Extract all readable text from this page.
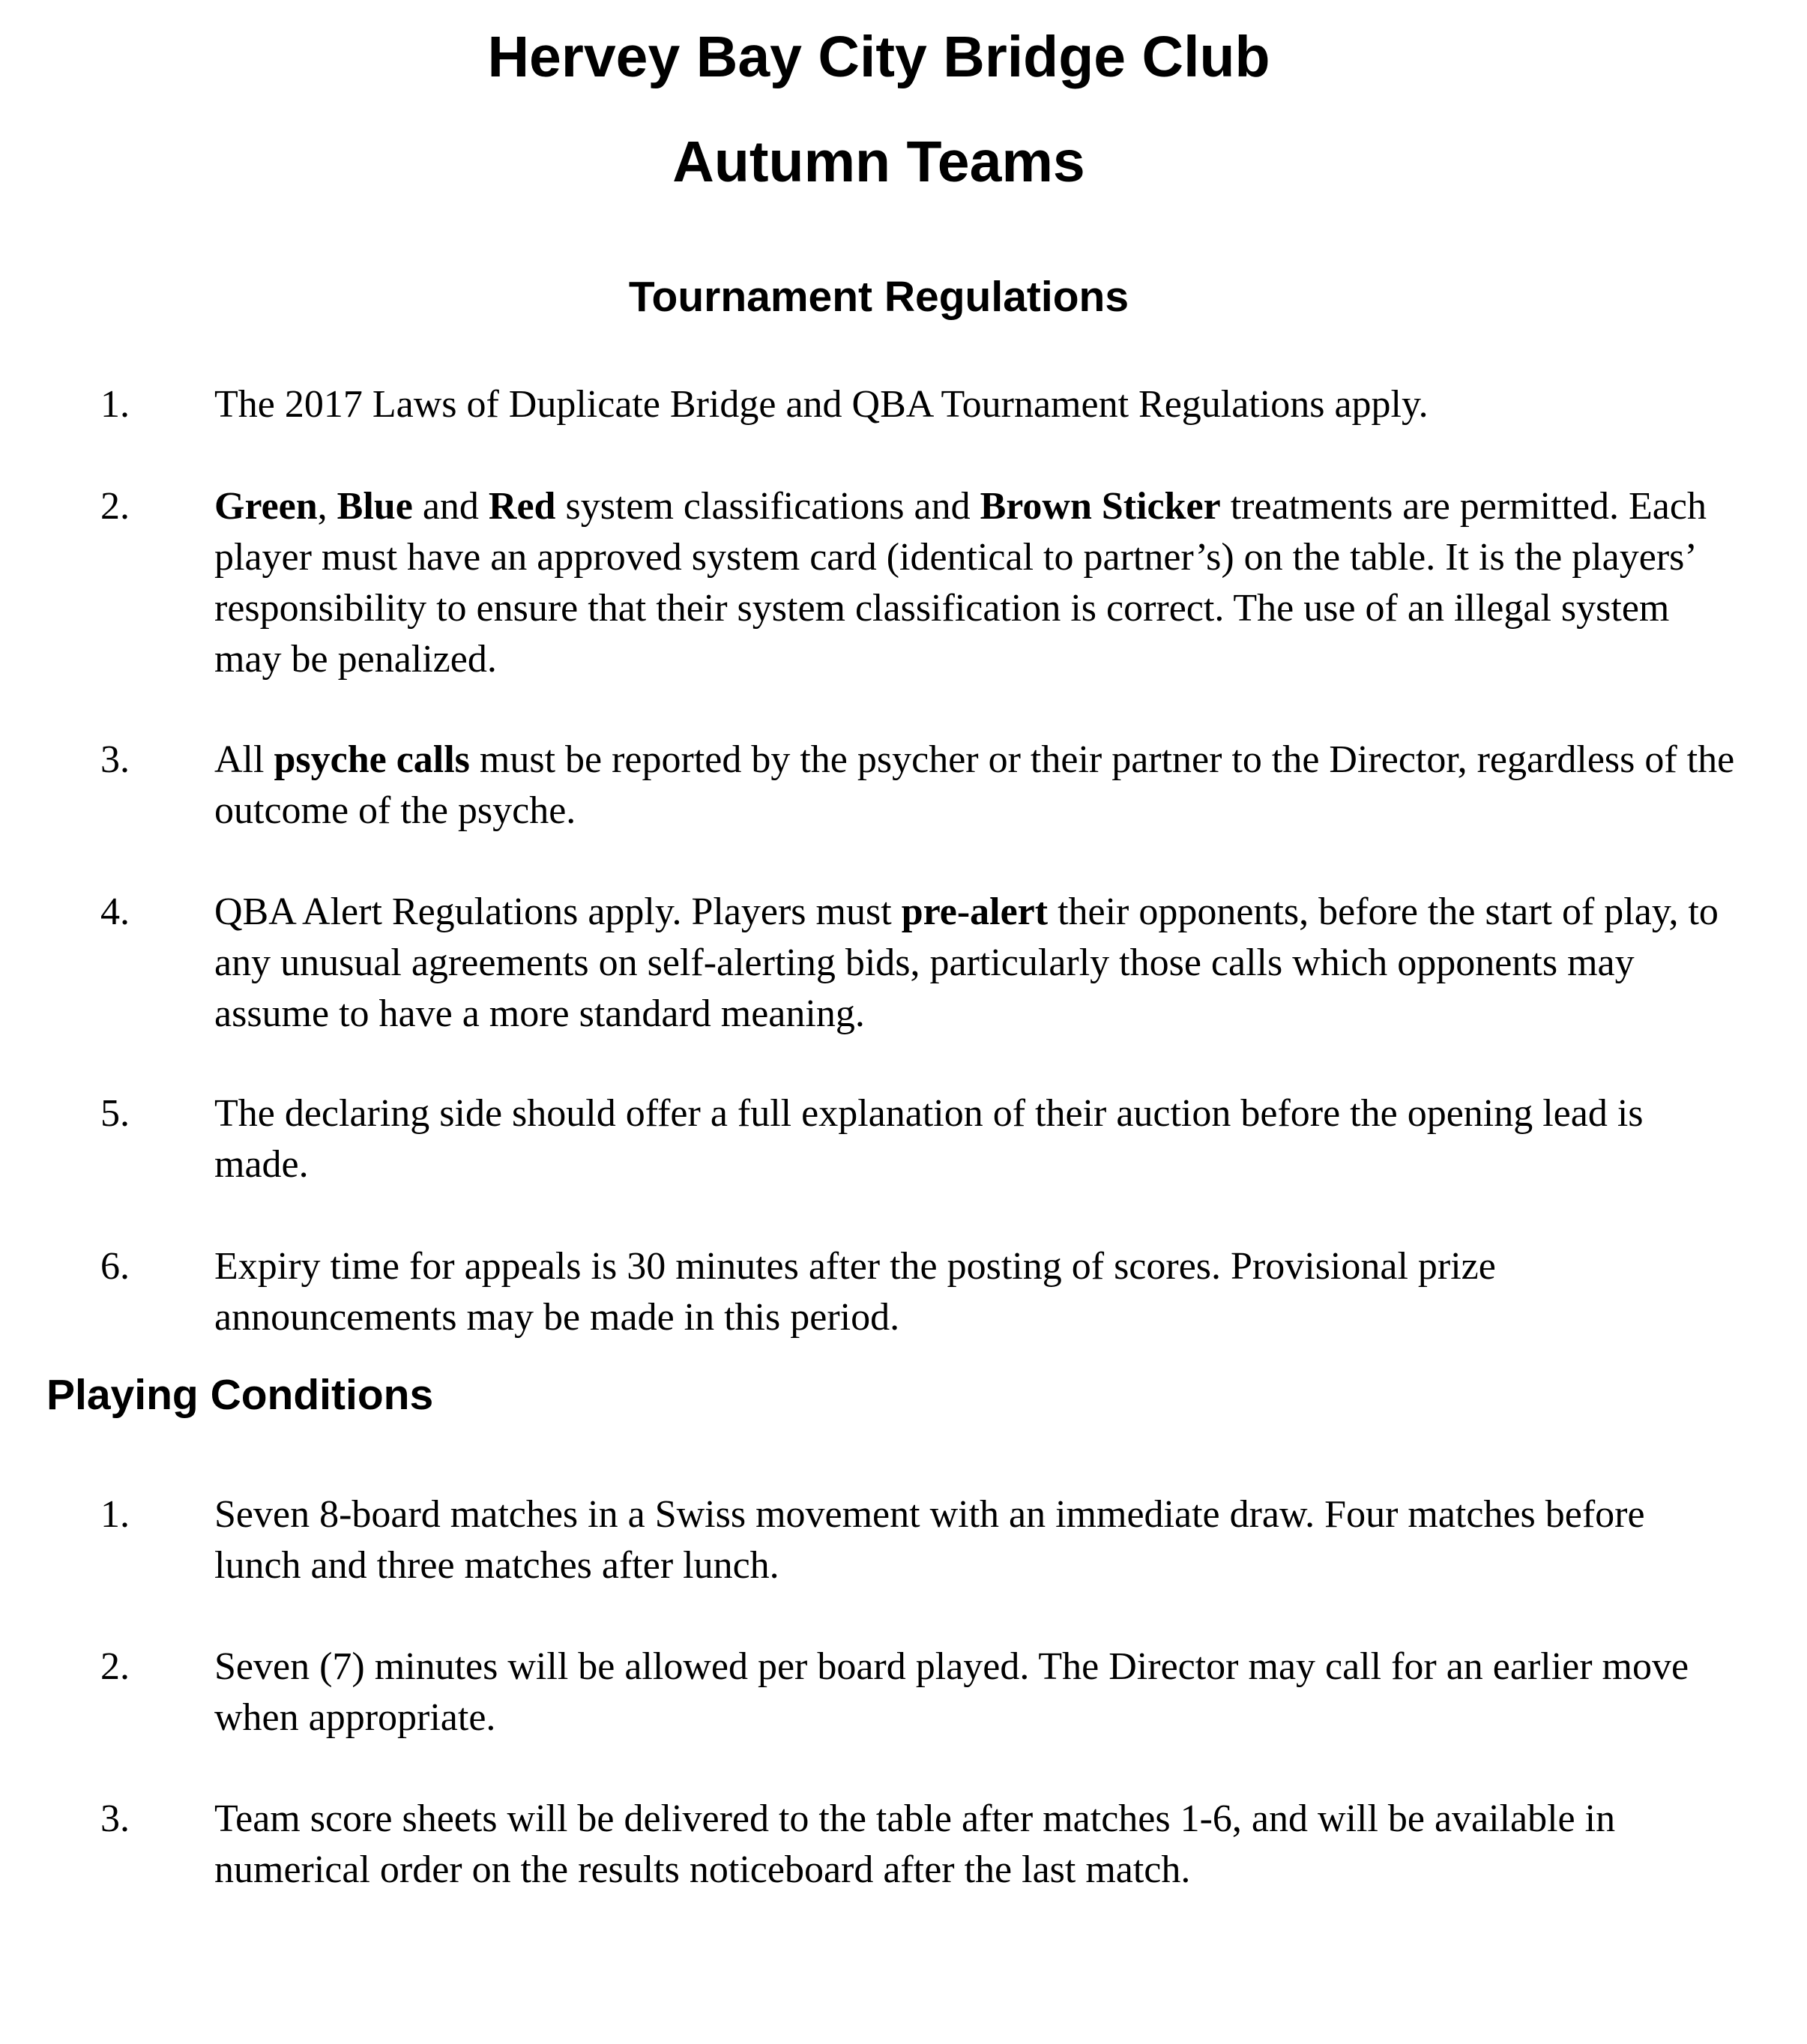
Hervey Bay City Bridge Club
Autumn Teams
Tournament Regulations
1.	The 2017 Laws of Duplicate Bridge and QBA Tournament Regulations apply.
2.	Green, Blue and Red system classifications and Brown Sticker treatments are permitted. Each player must have an approved system card (identical to partner’s) on the table. It is the players’ responsibility to ensure that their system classification is correct. The use of an illegal system may be penalized.
3.	All psyche calls must be reported by the psycher or their partner to the Director, regardless of the outcome of the psyche.
4.	QBA Alert Regulations apply. Players must pre-alert their opponents, before the start of play, to any unusual agreements on self-alerting bids, particularly those calls which opponents may assume to have a more standard meaning.
5.	The declaring side should offer a full explanation of their auction before the opening lead is made.
6.	Expiry time for appeals is 30 minutes after the posting of scores. Provisional prize announcements may be made in this period.
Playing Conditions
1.	Seven 8-board matches in a Swiss movement with an immediate draw. Four matches before lunch and three matches after lunch.
2.	Seven (7) minutes will be allowed per board played. The Director may call for an earlier move when appropriate.
3.	Team score sheets will be delivered to the table after matches 1-6, and will be available in numerical order on the results noticeboard after the last match.
